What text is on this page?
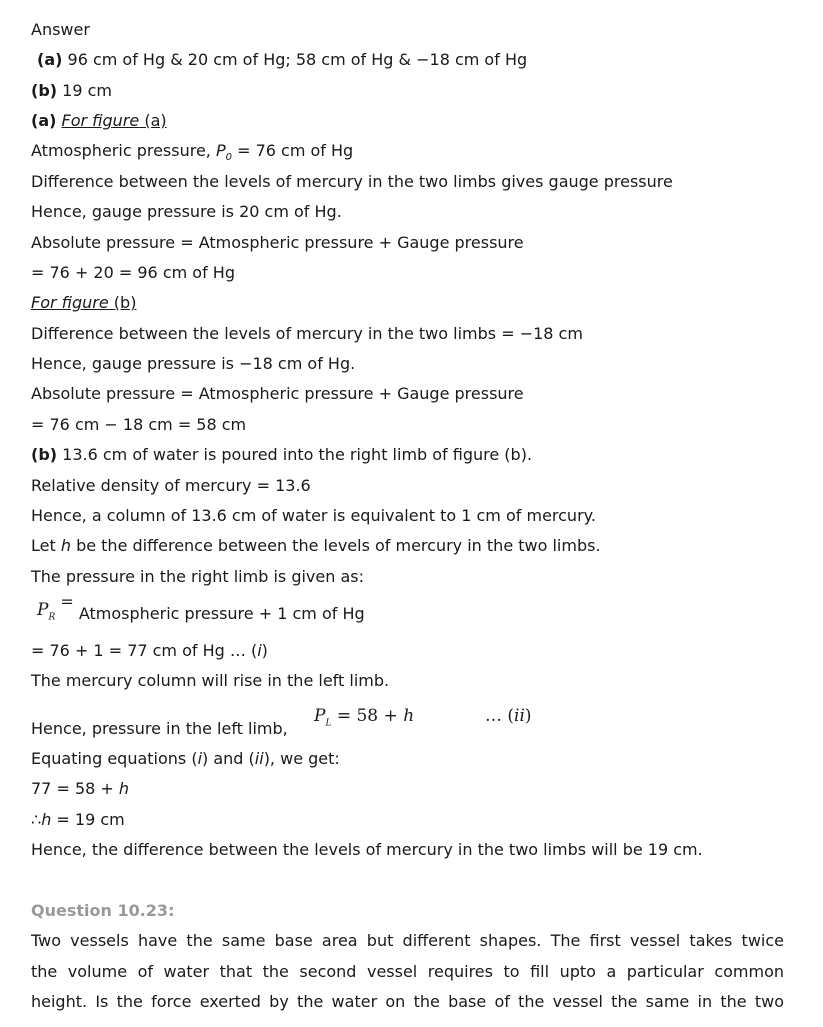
Answer
(a) 96 cm of Hg & 20 cm of Hg; 58 cm of Hg & −18 cm of Hg
(b) 19 cm
(a) For figure (a)
Atmospheric pressure, $P_0 = 76$ cm of Hg
Difference between the levels of mercury in the two limbs gives gauge pressure
Hence, gauge pressure is 20 cm of Hg.
Absolute pressure = Atmospheric pressure + Gauge pressure
= 76 + 20 = 96 cm of Hg
For figure (b)
Difference between the levels of mercury in the two limbs = −18 cm
Hence, gauge pressure is −18 cm of Hg.
Absolute pressure = Atmospheric pressure + Gauge pressure
= 76 cm − 18 cm = 58 cm
(b) 13.6 cm of water is poured into the right limb of figure (b).
Relative density of mercury = 13.6
Hence, a column of 13.6 cm of water is equivalent to 1 cm of mercury.
Let h be the difference between the levels of mercury in the two limbs.
The pressure in the right limb is given as:
$P_R$ = Atmospheric pressure + 1 cm of Hg
= 76 + 1 = 77 cm of Hg … (i)
The mercury column will rise in the left limb.
Hence, pressure in the left limb,
$P_L = 58 + h$	… (ii)
Equating equations (i) and (ii), we get:
77 = 58 + h
∴h = 19 cm
Hence, the difference between the levels of mercury in the two limbs will be 19 cm.
Question 10.23:
Two vessels have the same base area but different shapes. The first vessel takes twice
the volume of water that the second vessel requires to fill upto a particular common
height. Is the force exerted by the water on the base of the vessel the same in the two
